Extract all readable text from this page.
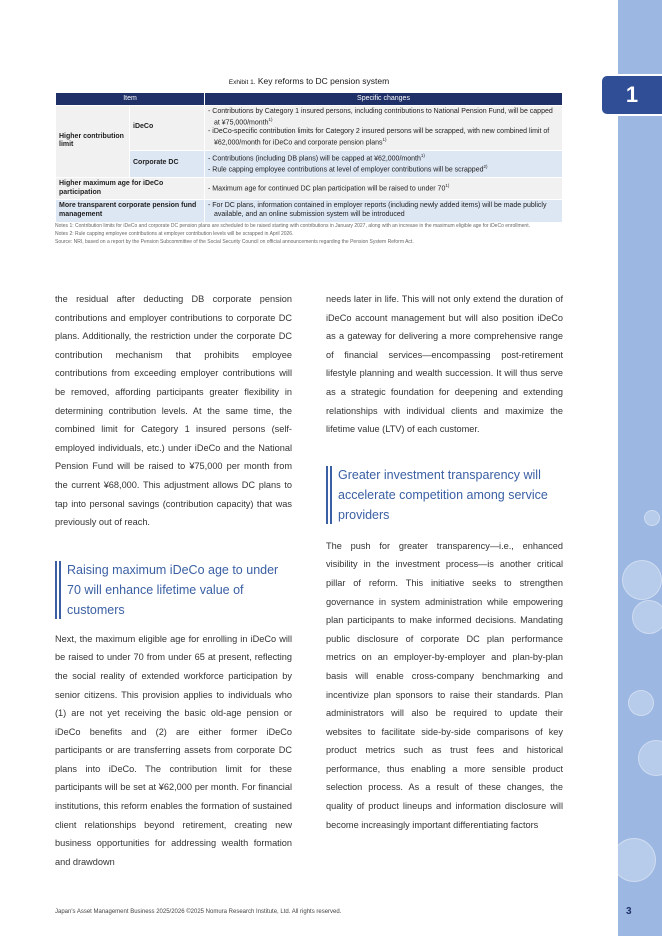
1
Exhibit 1. Key reforms to DC pension system
Item		Specific changes
Higher contribution limit	iDeCo	- Contributions by Category 1 insured persons, including contributions to National Pension Fund, will be capped at ¥75,000/month$^{1)}$
- iDeCo-specific contribution limits for Category 2 insured persons will be scrapped, with new combined limit of ¥62,000/month for iDeCo and corporate pension plans$^{1)}$

	Corporate DC	- Contributions (including DB plans) will be capped at ¥62,000/month$^{1)}$
- Rule capping employee contributions at level of employer contributions will be scrapped$^{2)}$

Higher maximum age for iDeCo participation		- Maximum age for continued DC plan participation will be raised to under 70$^{1)}$

More transparent corporate pension fund management		- For DC plans, information contained in employer reports (including newly added items) will be made publicly available, and an online submission system will be introduced
Notes 1: Contribution limits for iDeCo and corporate DC pension plans are scheduled to be raised starting with contributions in January 2027, along with an increase in the maximum eligible age for iDeCo enrollment.
Notes 2: Rule capping employee contributions at employer contribution levels will be scrapped in April 2026.
Source: NRI, based on a report by the Pension Subcommittee of the Social Security Council on official announcements regarding the Pension System Reform Act.

the residual after deducting DB corporate pension contributions and employer contributions to corporate DC plans. Additionally, the restriction under the corporate DC contribution mechanism that prohibits employee contributions from exceeding employer contributions will be removed, affording participants greater flexibility in determining contribution levels. At the same time, the combined limit for Category 1 insured persons (self-employed individuals, etc.) under iDeCo and the National Pension Fund will be raised to ¥75,000 per month from the current ¥68,000. This adjustment allows DC plans to tap into personal savings (contribution capacity) that was previously out of reach.

Raising maximum iDeCo age to under 70 will enhance lifetime value of customers

Next, the maximum eligible age for enrolling in iDeCo will be raised to under 70 from under 65 at present, reflecting the social reality of extended workforce participation by senior citizens. This provision applies to individuals who (1) are not yet receiving the basic old-age pension or iDeCo benefits and (2) are either former iDeCo participants or are transferring assets from corporate DC plans into iDeCo. The contribution limit for these participants will be set at ¥62,000 per month. For financial institutions, this reform enables the formation of sustained client relationships beyond retirement, creating new business opportunities for addressing wealth formation and drawdown

needs later in life. This will not only extend the duration of iDeCo account management but will also position iDeCo as a gateway for delivering a more comprehensive range of financial services—encompassing post-retirement lifestyle planning and wealth succession. It will thus serve as a strategic foundation for deepening and extending relationships with individual clients and maximize the lifetime value (LTV) of each customer.

Greater investment transparency will accelerate competition among service providers

The push for greater transparency—i.e., enhanced visibility in the investment process—is another critical pillar of reform. This initiative seeks to strengthen governance in system administration while empowering plan participants to make informed decisions. Mandating public disclosure of corporate DC plan performance metrics on an employer-by-employer and plan-by-plan basis will enable cross-company benchmarking and incentivize plan sponsors to raise their standards. Plan administrators will also be required to update their websites to facilitate side-by-side comparisons of key product metrics such as trust fees and historical performance, thus enabling a more sensible product selection process. As a result of these changes, the quality of product lineups and information disclosure will become increasingly important differentiating factors

Japan's Asset Management Business 2025/2026 ©2025 Nomura Research Institute, Ltd. All rights reserved.	3
